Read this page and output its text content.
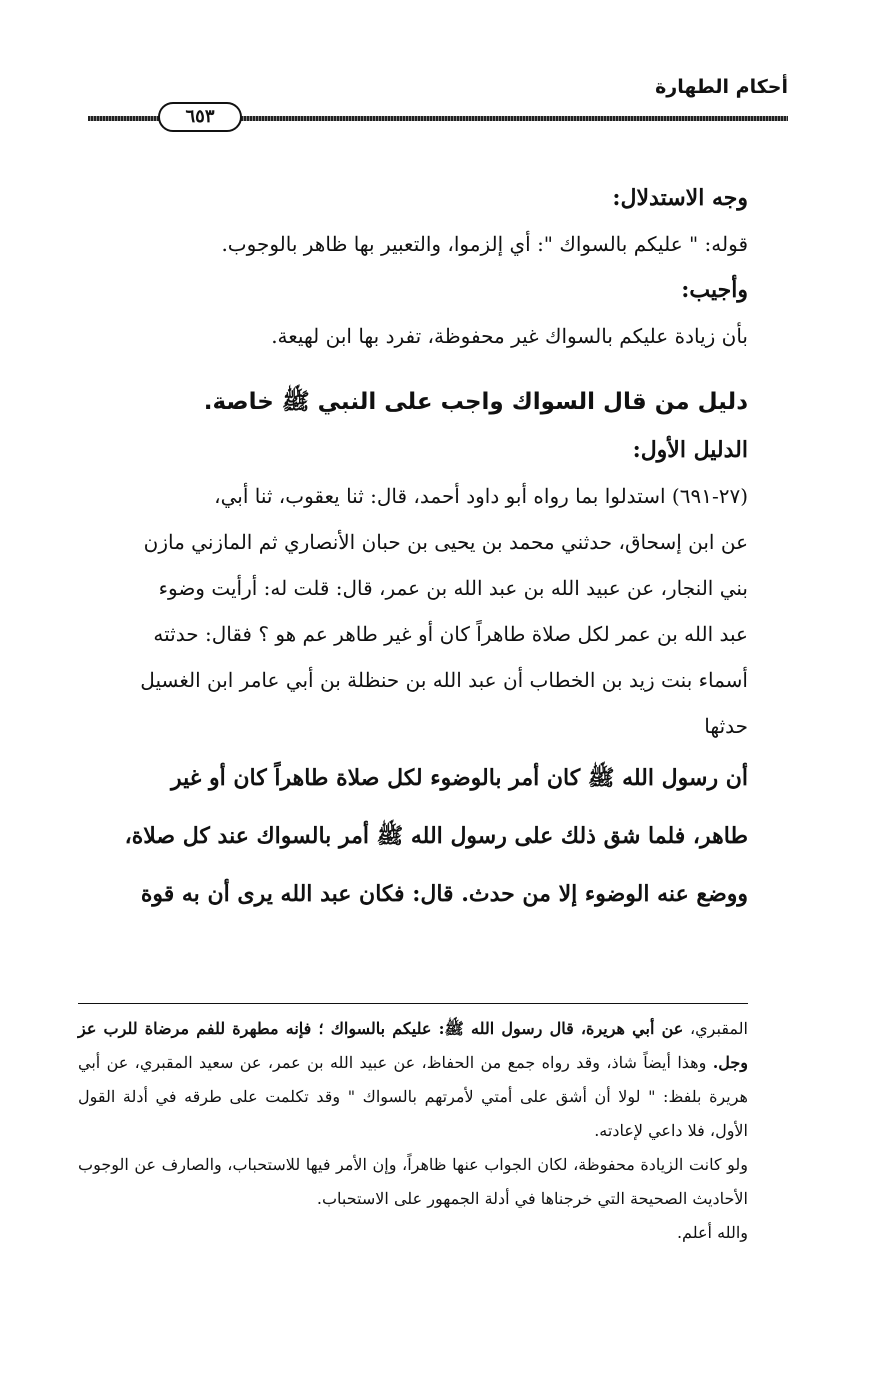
أحكام الطهارة
٦٥٣

وجه الاستدلال:

قوله: " عليكم بالسواك ": أي إلزموا، والتعبير بها ظاهر بالوجوب.

وأجيب:

بأن زيادة عليكم بالسواك غير محفوظة، تفرد بها ابن لهيعة.

دليل من قال السواك واجب على النبي ﷺ خاصة.

الدليل الأول:

(٢٧-٦٩١) استدلوا بما رواه أبو داود أحمد، قال: ثنا يعقوب، ثنا أبي،

عن ابن إسحاق، حدثني محمد بن يحيى بن حبان الأنصاري ثم المازني مازن

بني النجار، عن عبيد الله بن عبد الله بن عمر، قال: قلت له: أرأيت وضوء

عبد الله بن عمر لكل صلاة طاهراً كان أو غير طاهر عم هو ؟ فقال: حدثته

أسماء بنت زيد بن الخطاب أن عبد الله بن حنظلة بن أبي عامر ابن الغسيل

حدثها

أن رسول الله ﷺ كان أمر بالوضوء لكل صلاة طاهراً كان أو غير

طاهر، فلما شق ذلك على رسول الله ﷺ أمر بالسواك عند كل صلاة،

ووضع عنه الوضوء إلا من حدث. قال: فكان عبد الله يرى أن به قوة

المقبري، عن أبي هريرة، قال رسول الله ﷺ: عليكم بالسواك ؛ فإنه مطهرة للفم مرضاة للرب عز وجل. وهذا أيضاً شاذ، وقد رواه جمع من الحفاظ، عن عبيد الله بن عمر، عن سعيد المقبري، عن أبي هريرة بلفظ: " لولا أن أشق على أمتي لأمرتهم بالسواك " وقد تكلمت على طرقه في أدلة القول الأول، فلا داعي لإعادته.

ولو كانت الزيادة محفوظة، لكان الجواب عنها ظاهراً، وإن الأمر فيها للاستحباب، والصارف عن الوجوب الأحاديث الصحيحة التي خرجناها في أدلة الجمهور على الاستحباب.

والله أعلم.
